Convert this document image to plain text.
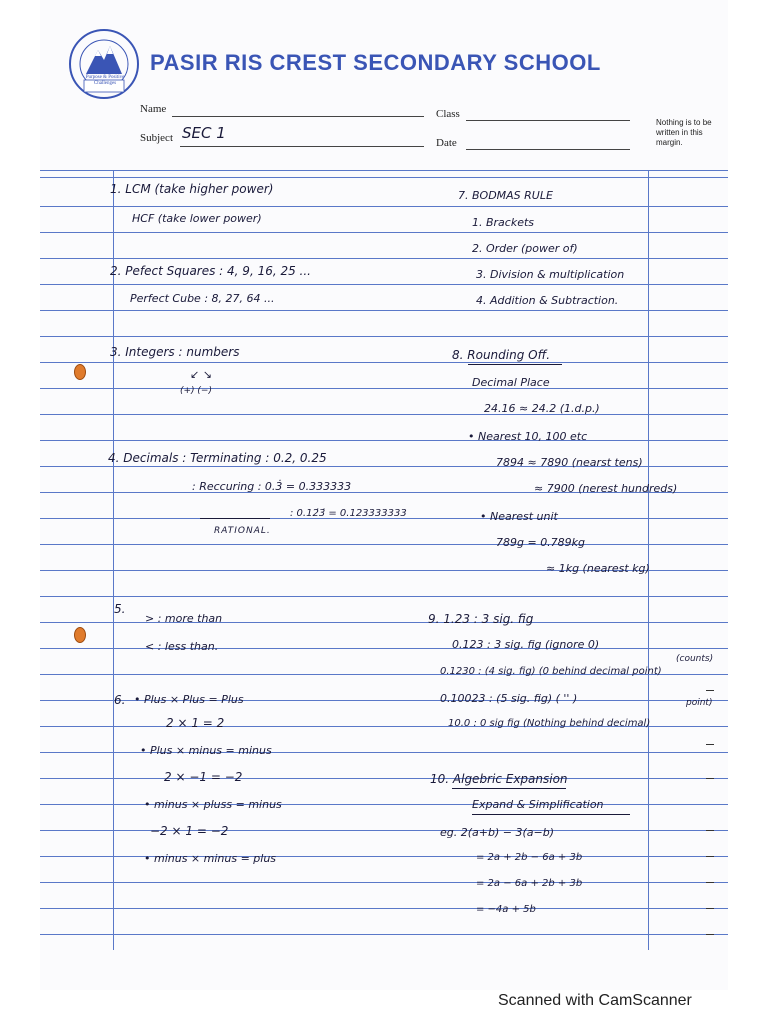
Purpose & Positive Challenges
PASIR RIS CREST SECONDARY SCHOOL
Name	Class
Subject SEC 1
Date
Nothing is to be written in this margin.
1. LCM (take higher power)
HCF (take lower power)
2. Pefect Squares : 4, 9, 16, 25 ...
Perfect Cube : 8, 27, 64 ...
3. Integers : numbers
↙ ↘
(+) (−)
4. Decimals : Terminating : 0.2, 0.25
: Reccuring : 0.3̇ = 0.333333
: 0.12̇3̇ = 0.123333333
RATIONAL.
5.
> : more than
< : less than.
6. • Plus × Plus = Plus
2 × 1 = 2
• Plus × minus = minus
2 × −1 = −2
• minus × pluss = minus
−2 × 1 = −2
• minus × minus = plus
7. BODMAS RULE
1. Brackets
2. Order (power of)
3. Division & multiplication
4. Addition & Subtraction.
8. Rounding Off.
Decimal Place
24.16 ≈ 24.2 (1.d.p.)
• Nearest 10, 100 etc
7894 ≈ 7890 (nearst tens)
≈ 7900 (nerest hundreds)
• Nearest unit
789g = 0.789kg
≈ 1kg (nearest kg)
9. 1.23 : 3 sig. fig
0.123 : 3 sig. fig (ignore 0)
(counts)
0.1230 : (4 sig. fig) (0 behind decimal point)
0.10023 : (5 sig. fig) ( '' )	point)
10.0 : 0 sig fig (Nothing behind decimal)
10. Algebric Expansion
Expand & Simplification
eg. 2(a+b) − 3(a−b)
= 2a + 2b − 6a + 3b
= 2a − 6a + 2b + 3b
= −4a + 5b
Scanned with CamScanner
